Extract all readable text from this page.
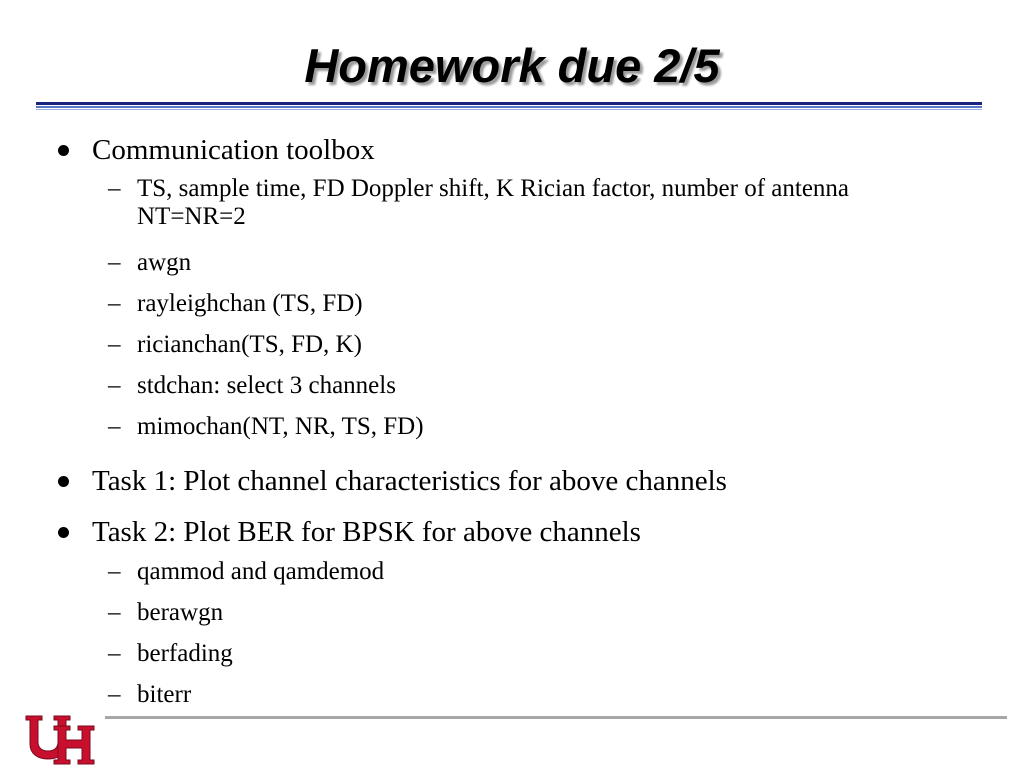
Homework due 2/5
Communication toolbox
– TS, sample time, FD Doppler shift, K Rician factor, number of antenna NT=NR=2
– awgn
– rayleighchan (TS, FD)
– ricianchan(TS, FD, K)
– stdchan: select 3 channels
– mimochan(NT, NR, TS, FD)
Task 1: Plot channel characteristics for above channels
Task 2: Plot BER for BPSK for above channels
– qammod and qamdemod
– berawgn
– berfading
– biterr
